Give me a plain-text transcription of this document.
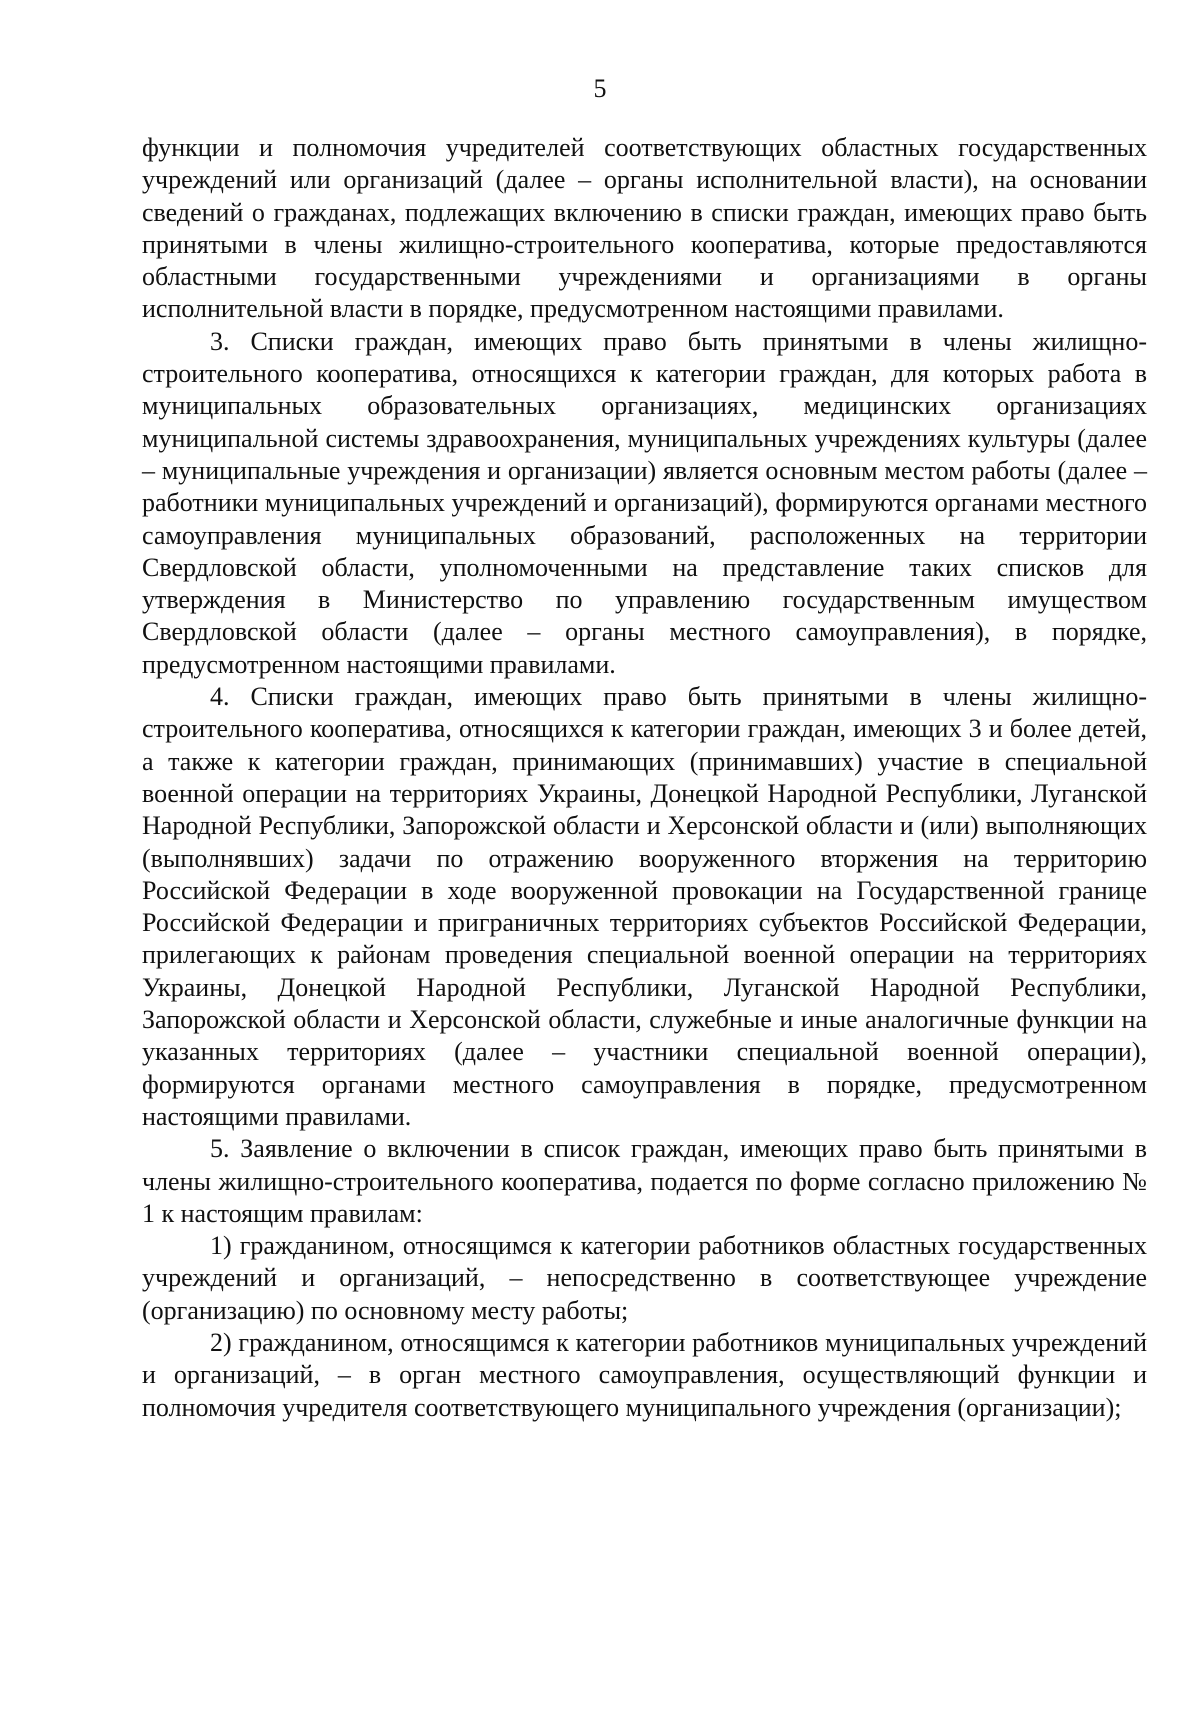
5

функции и полномочия учредителей соответствующих областных государственных учреждений или организаций (далее – органы исполнительной власти), на основании сведений о гражданах, подлежащих включению в списки граждан, имеющих право быть принятыми в члены жилищно-строительного кооператива, которые предоставляются областными государственными учреждениями и организациями в органы исполнительной власти в порядке, предусмотренном настоящими правилами.

3. Списки граждан, имеющих право быть принятыми в члены жилищно-строительного кооператива, относящихся к категории граждан, для которых работа в муниципальных образовательных организациях, медицинских организациях муниципальной системы здравоохранения, муниципальных учреждениях культуры (далее – муниципальные учреждения и организации) является основным местом работы (далее – работники муниципальных учреждений и организаций), формируются органами местного самоуправления муниципальных образований, расположенных на территории Свердловской области, уполномоченными на представление таких списков для утверждения в Министерство по управлению государственным имуществом Свердловской области (далее – органы местного самоуправления), в порядке, предусмотренном настоящими правилами.

4. Списки граждан, имеющих право быть принятыми в члены жилищно-строительного кооператива, относящихся к категории граждан, имеющих 3 и более детей, а также к категории граждан, принимающих (принимавших) участие в специальной военной операции на территориях Украины, Донецкой Народной Республики, Луганской Народной Республики, Запорожской области и Херсонской области и (или) выполняющих (выполнявших) задачи по отражению вооруженного вторжения на территорию Российской Федерации в ходе вооруженной провокации на Государственной границе Российской Федерации и приграничных территориях субъектов Российской Федерации, прилегающих к районам проведения специальной военной операции на территориях Украины, Донецкой Народной Республики, Луганской Народной Республики, Запорожской области и Херсонской области, служебные и иные аналогичные функции на указанных территориях (далее – участники специальной военной операции), формируются органами местного самоуправления в порядке, предусмотренном настоящими правилами.

5. Заявление о включении в список граждан, имеющих право быть принятыми в члены жилищно-строительного кооператива, подается по форме согласно приложению № 1 к настоящим правилам:

1) гражданином, относящимся к категории работников областных государственных учреждений и организаций, – непосредственно в соответствующее учреждение (организацию) по основному месту работы;

2) гражданином, относящимся к категории работников муниципальных учреждений и организаций, – в орган местного самоуправления, осуществляющий функции и полномочия учредителя соответствующего муниципального учреждения (организации);
